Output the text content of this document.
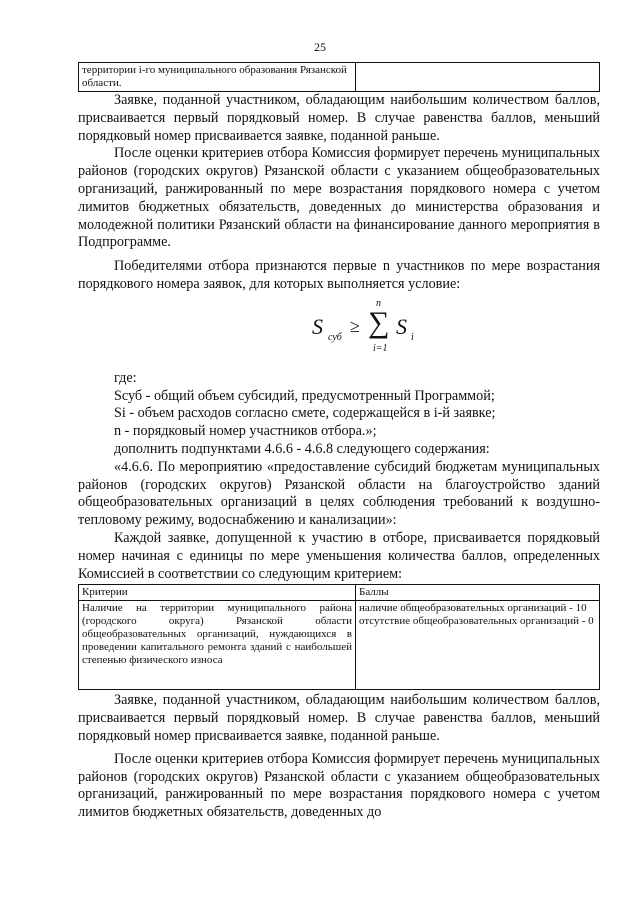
25
территории i-го муниципального образования Рязанской области.	

Заявке, поданной участником, обладающим наибольшим количеством баллов, присваивается первый порядковый номер. В случае равенства баллов, меньший порядковый номер присваивается заявке, поданной раньше.

После оценки критериев отбора Комиссия формирует перечень муниципальных районов (городских округов) Рязанской области с указанием общеобразовательных организаций, ранжированный по мере возрастания порядкового номера с учетом лимитов бюджетных обязательств, доведенных до министерства образования и молодежной политики Рязанский области на финансирование данного мероприятия в Подпрограмме.

Победителями отбора признаются первые n участников по мере возрастания порядкового номера заявок, для которых выполняется условие:

S суб
≥
n
∑
i=1
S i

где:

Sсуб - общий объем субсидий, предусмотренный Программой;

Si - объем расходов согласно смете, содержащейся в i-й заявке;

n - порядковый номер участников отбора.»;

дополнить подпунктами 4.6.6 - 4.6.8 следующего содержания:

«4.6.6. По мероприятию «предоставление субсидий бюджетам муниципальных районов (городских округов) Рязанской области на благоустройство зданий общеобразовательных организаций в целях соблюдения требований к воздушно-тепловому режиму, водоснабжению и канализации»:

Каждой заявке, допущенной к участию в отборе, присваивается порядковый номер начиная с единицы по мере уменьшения количества баллов, определенных Комиссией в соответствии со следующим критерием:

Критерии	Баллы
Наличие на территории муниципального района (городского округа) Рязанской области общеобразовательных организаций, нуждающихся в проведении капитального ремонта зданий с наибольшей степенью физического износа	наличие общеобразовательных организаций - 10
отсутствие общеобразовательных организаций - 0

Заявке, поданной участником, обладающим наибольшим количеством баллов, присваивается первый порядковый номер. В случае равенства баллов, меньший порядковый номер присваивается заявке, поданной раньше.

После оценки критериев отбора Комиссия формирует перечень муниципальных районов (городских округов) Рязанской области с указанием общеобразовательных организаций, ранжированный по мере возрастания порядкового номера с учетом лимитов бюджетных обязательств, доведенных до
